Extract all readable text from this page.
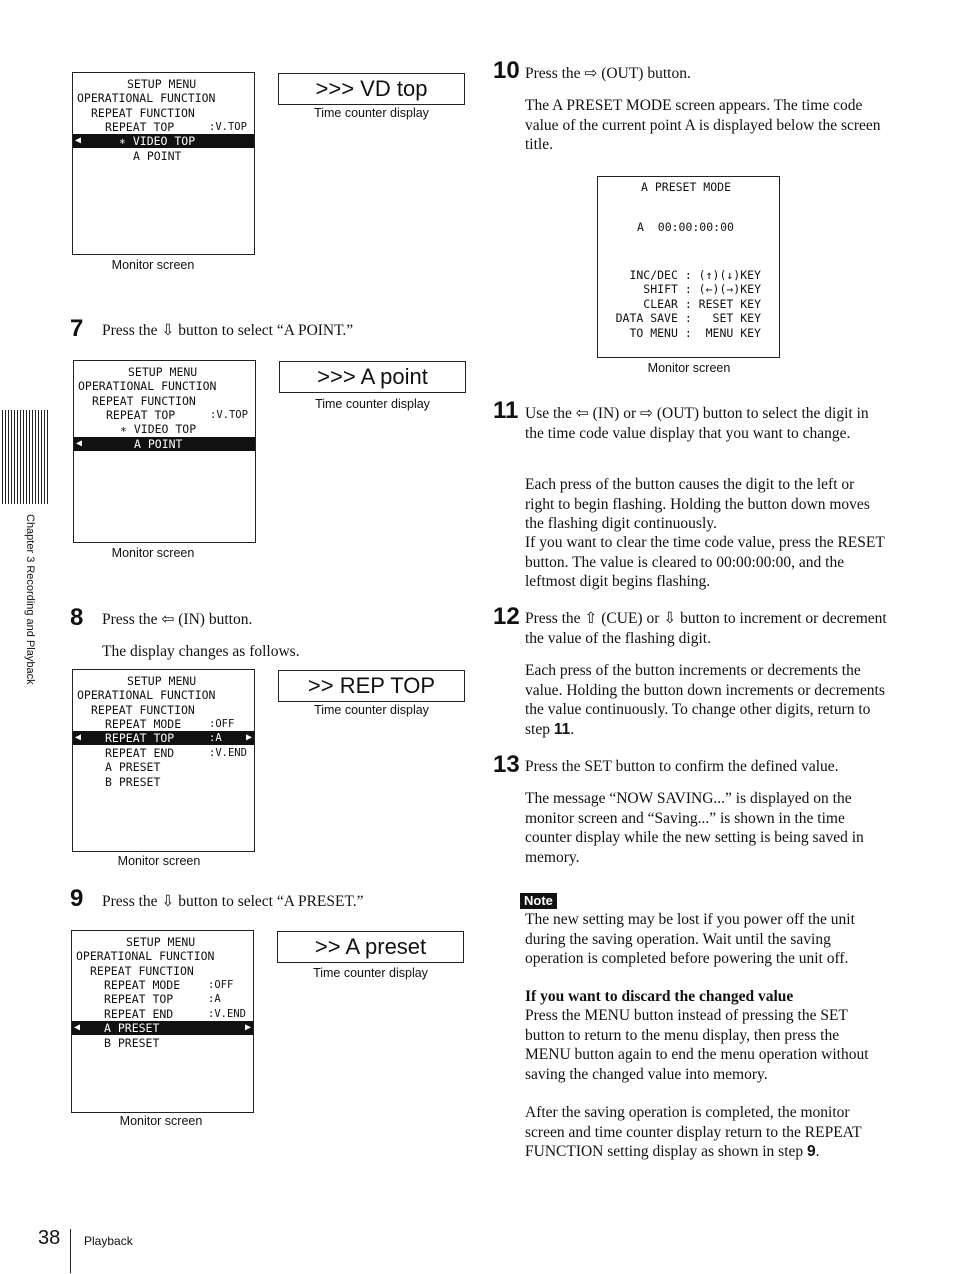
Chapter 3 Recording and Playback
SETUP MENU
OPERATIONAL FUNCTION
REPEAT FUNCTION
REPEAT TOP	:V.TOP
◀	∗ VIDEO TOP
A POINT
Monitor screen
>>> VD top
Time counter display
7 Press the ⇩ button to select “A POINT.”
SETUP MENU
OPERATIONAL FUNCTION
REPEAT FUNCTION
REPEAT TOP	:V.TOP
∗ VIDEO TOP
◀	A POINT
Monitor screen
>>> A point
Time counter display
8 Press the ⇦ (IN) button.
The display changes as follows.
SETUP MENU
OPERATIONAL FUNCTION
REPEAT FUNCTION
REPEAT MODE	:OFF
◀ REPEAT TOP	:A ▶
REPEAT END	:V.END
A PRESET
B PRESET
Monitor screen
>> REP TOP
Time counter display
9 Press the ⇩ button to select “A PRESET.”
SETUP MENU
OPERATIONAL FUNCTION
REPEAT FUNCTION
REPEAT MODE	:OFF
REPEAT TOP	:A
REPEAT END	:V.END
◀ A PRESET	▶
B PRESET
Monitor screen
>> A preset
Time counter display
10 Press the ⇨ (OUT) button.
The A PRESET MODE screen appears. The time code value of the current point A is displayed below the screen title.
A PRESET MODE
A  00:00:00:00
INC/DEC : (↑)(↓)KEY
SHIFT : (←)(→)KEY
CLEAR : RESET KEY
DATA SAVE :   SET KEY
TO MENU :  MENU KEY
Monitor screen
11 Use the ⇦ (IN) or ⇨ (OUT) button to select the digit in the time code value display that you want to change.
Each press of the button causes the digit to the left or right to begin flashing. Holding the button down moves the flashing digit continuously.
If you want to clear the time code value, press the RESET button. The value is cleared to 00:00:00:00, and the leftmost digit begins flashing.
12 Press the ⇧ (CUE) or ⇩ button to increment or decrement the value of the flashing digit.
Each press of the button increments or decrements the value. Holding the button down increments or decrements the value continuously. To change other digits, return to step 11.
13 Press the SET button to confirm the defined value.
The message “NOW SAVING...” is displayed on the monitor screen and “Saving...” is shown in the time counter display while the new setting is being saved in memory.
Note
The new setting may be lost if you power off the unit during the saving operation. Wait until the saving operation is completed before powering the unit off.
If you want to discard the changed value
Press the MENU button instead of pressing the SET button to return to the menu display, then press the MENU button again to end the menu operation without saving the changed value into memory.
After the saving operation is completed, the monitor screen and time counter display return to the REPEAT FUNCTION setting display as shown in step 9.
38 Playback
